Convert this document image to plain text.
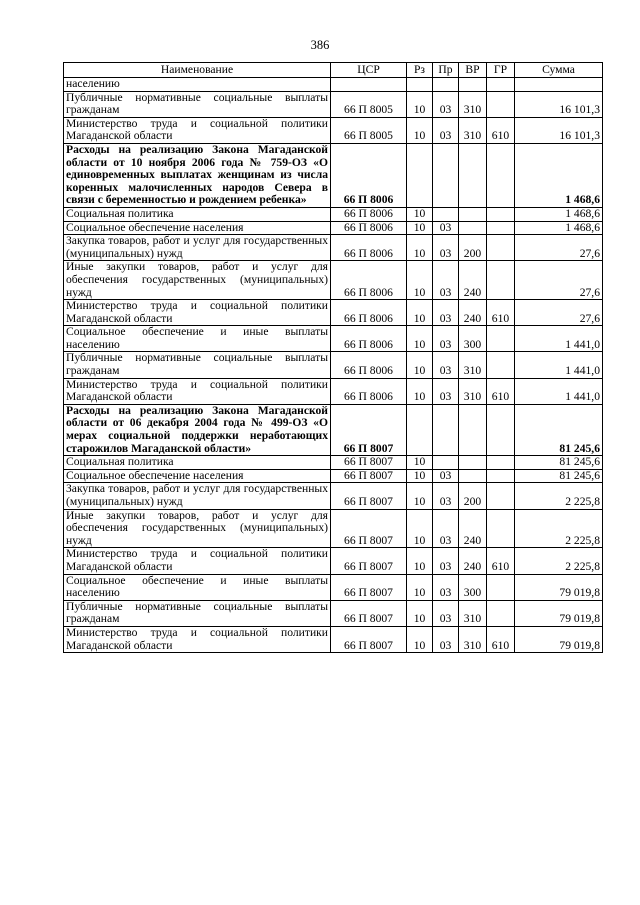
386
Наименование	ЦСР	Рз	Пр	ВР	ГР	Сумма
населению						
Публичные нормативные социальные выплаты гражданам	66 П 8005	10	03	310		16 101,3
Министерство труда и социальной политики Магаданской области	66 П 8005	10	03	310	610	16 101,3
Расходы на реализацию Закона Магаданской области от 10 ноября 2006 года № 759-ОЗ «О единовременных выплатах женщинам из числа коренных малочисленных народов Севера в связи с беременностью и рождением ребенка»	66 П 8006					1 468,6
Социальная политика	66 П 8006	10				1 468,6
Социальное обеспечение населения	66 П 8006	10	03			1 468,6
Закупка товаров, работ и услуг для государственных (муниципальных) нужд	66 П 8006	10	03	200		27,6
Иные закупки товаров, работ и услуг для обеспечения государственных (муниципальных) нужд	66 П 8006	10	03	240		27,6
Министерство труда и социальной политики Магаданской области	66 П 8006	10	03	240	610	27,6
Социальное обеспечение и иные выплаты населению	66 П 8006	10	03	300		1 441,0
Публичные нормативные социальные выплаты гражданам	66 П 8006	10	03	310		1 441,0
Министерство труда и социальной политики Магаданской области	66 П 8006	10	03	310	610	1 441,0
Расходы на реализацию Закона Магаданской области от 06 декабря 2004 года № 499-ОЗ «О мерах социальной поддержки неработающих старожилов Магаданской области»	66 П 8007					81 245,6
Социальная политика	66 П 8007	10				81 245,6
Социальное обеспечение населения	66 П 8007	10	03			81 245,6
Закупка товаров, работ и услуг для государственных (муниципальных) нужд	66 П 8007	10	03	200		2 225,8
Иные закупки товаров, работ и услуг для обеспечения государственных (муниципальных) нужд	66 П 8007	10	03	240		2 225,8
Министерство труда и социальной политики Магаданской области	66 П 8007	10	03	240	610	2 225,8
Социальное обеспечение и иные выплаты населению	66 П 8007	10	03	300		79 019,8
Публичные нормативные социальные выплаты гражданам	66 П 8007	10	03	310		79 019,8
Министерство труда и социальной политики Магаданской области	66 П 8007	10	03	310	610	79 019,8
